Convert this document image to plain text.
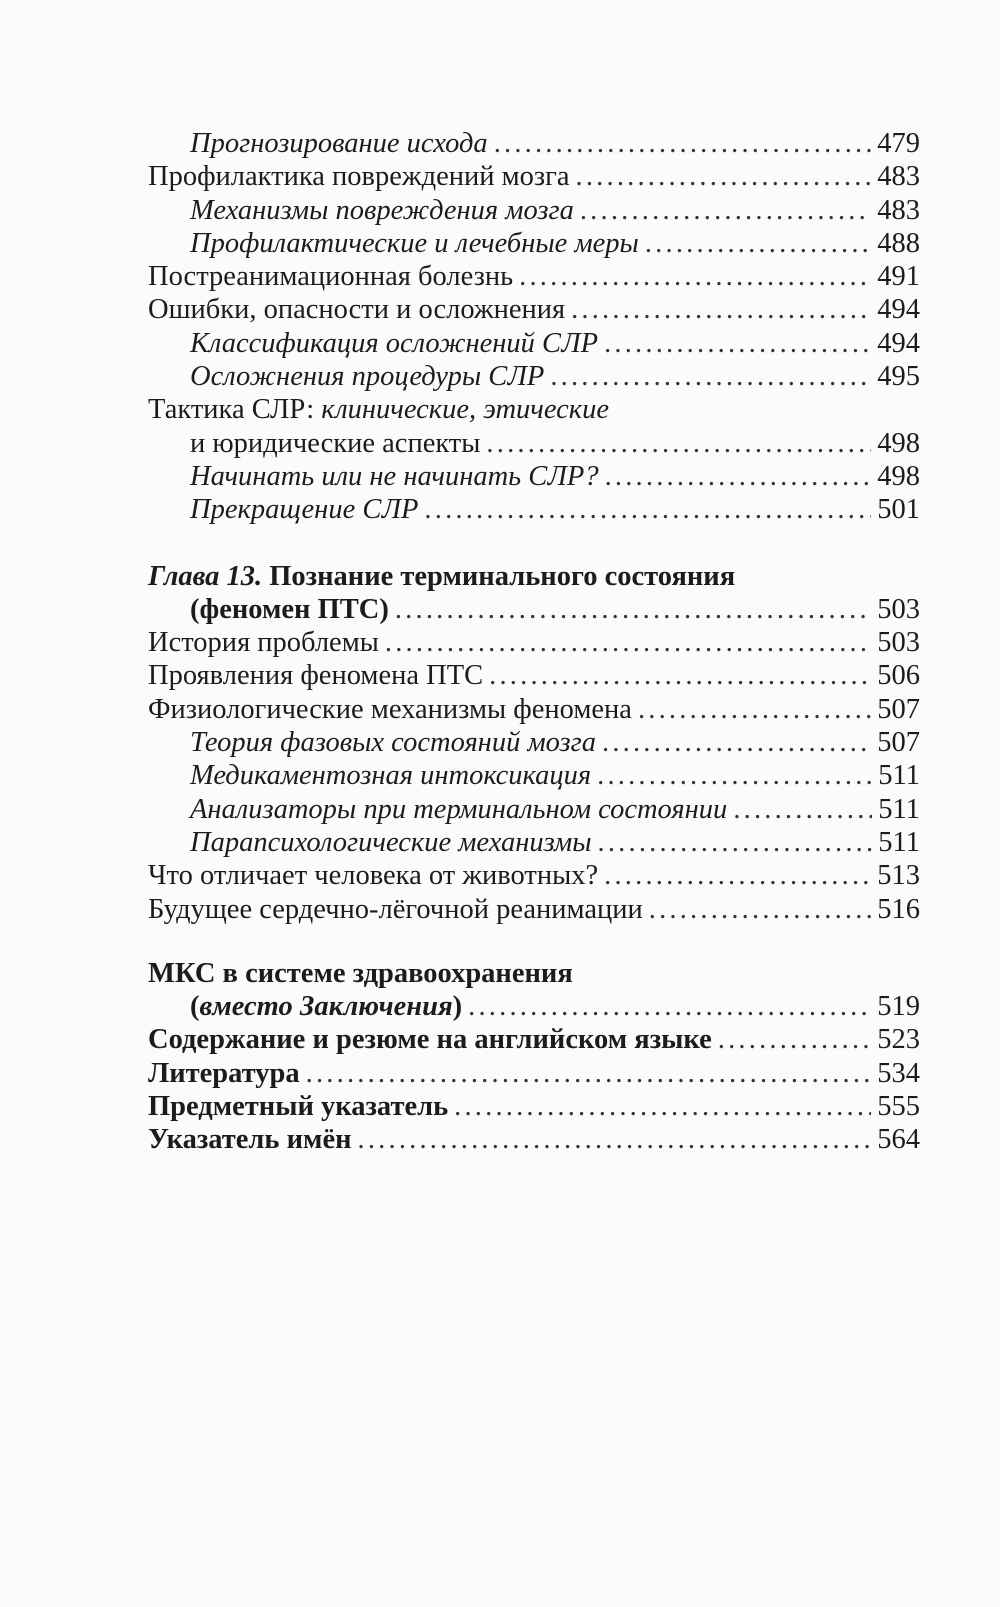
Прогнозирование исхода .....	479
Профилактика повреждений мозга .....	483
Механизмы повреждения мозга .....	483
Профилактические и лечебные меры .....	488
Постреанимационная болезнь .....	491
Ошибки, опасности и осложнения .....	494
Классификация осложнений СЛР .....	494
Осложнения процедуры СЛР .....	495
Тактика СЛР: клинические, этические
и юридические аспекты .....	498
Начинать или не начинать СЛР? .....	498
Прекращение СЛР .....	501
Глава 13. Познание терминального состояния
(феномен ПТС) .....	503
История проблемы .....	503
Проявления феномена ПТС .....	506
Физиологические механизмы феномена .....	507
Теория фазовых состояний мозга .....	507
Медикаментозная интоксикация .....	511
Анализаторы при терминальном состоянии .....	511
Парапсихологические механизмы .....	511
Что отличает человека от животных? .....	513
Будущее сердечно-лёгочной реанимации .....	516
МКС в системе здравоохранения
(вместо Заключения) .....	519
Содержание и резюме на английском языке .....	523
Литература .....	534
Предметный указатель .....	555
Указатель имён .....	564
